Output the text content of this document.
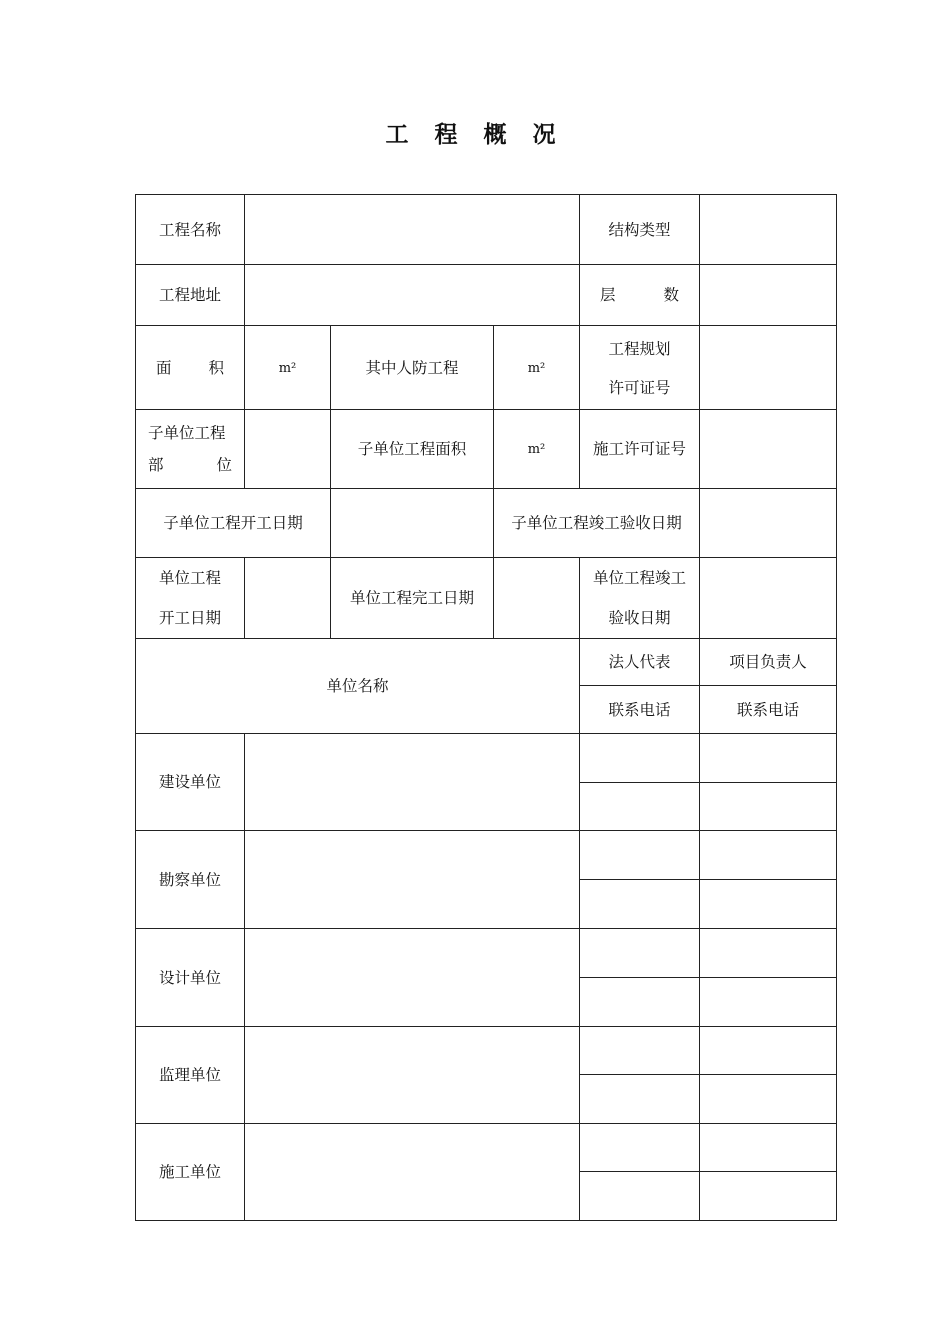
工 程 概 况
工程名称				结构类型	
工程地址				层 数	

面 积	m²	其中人防工程	m²	工程规划
许可证号	

子单位工程
部 位		子单位工程面积	m²	施工许可证号	
子单位工程开工日期			子单位工程竣工验收日期		

单位工程
开工日期		单位工程完工日期		单位工程竣工
验收日期	

单位名称				法人代表	项目负责人
				联系电话	联系电话
建设单位					

勘察单位					

设计单位					

监理单位					

施工单位					
